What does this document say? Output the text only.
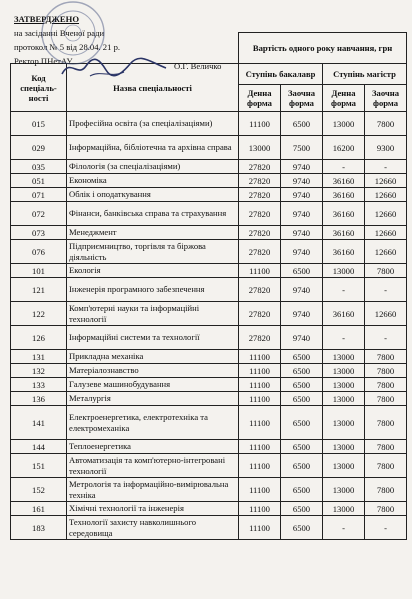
		Вартість одного року навчання, грн			
Код спеціаль-ності	Назва спеціальності	Ступінь бакалавр		Ступінь магістр	
		Денна форма	Заочна форма	Денна форма	Заочна форма
015	Професійна освіта (за спеціалізаціями)	11100	6500	13000	7800
029	Інформаційна, бібліотечна та архівна справа	13000	7500	16200	9300
035	Філологія (за спеціалізаціями)	27820	9740	-	-
051	Економіка	27820	9740	36160	12660
071	Облік і оподаткування	27820	9740	36160	12660
072	Фінанси, банківська справа та страхування	27820	9740	36160	12660
073	Менеджмент	27820	9740	36160	12660
076	Підприємництво, торгівля та біржова діяльність	27820	9740	36160	12660
101	Екологія	11100	6500	13000	7800
121	Інженерія програмного забезпечення	27820	9740	-	-
122	Комп'ютерні науки та інформаційні технології	27820	9740	36160	12660
126	Інформаційні системи та технології	27820	9740	-	-
131	Прикладна механіка	11100	6500	13000	7800
132	Матеріалознавство	11100	6500	13000	7800
133	Галузеве машинобудування	11100	6500	13000	7800
136	Металургія	11100	6500	13000	7800
141	Електроенергетика, електротехніка та електромеханіка	11100	6500	13000	7800
144	Теплоенергетика	11100	6500	13000	7800
151	Автоматизація та комп'ютерно-інтегровані технології	11100	6500	13000	7800
152	Метрологія та інформаційно-вимірювальна техніка	11100	6500	13000	7800
161	Хімічні технології та інженерія	11100	6500	13000	7800
183	Технології захисту навколишнього середовища	11100	6500	-	-
ЗАТВЕРДЖЕНО
на засіданні Вченої ради
протокол № 5 від 28.04. 21 р.
Ректор ПНетАУ	О.Г. Величко
